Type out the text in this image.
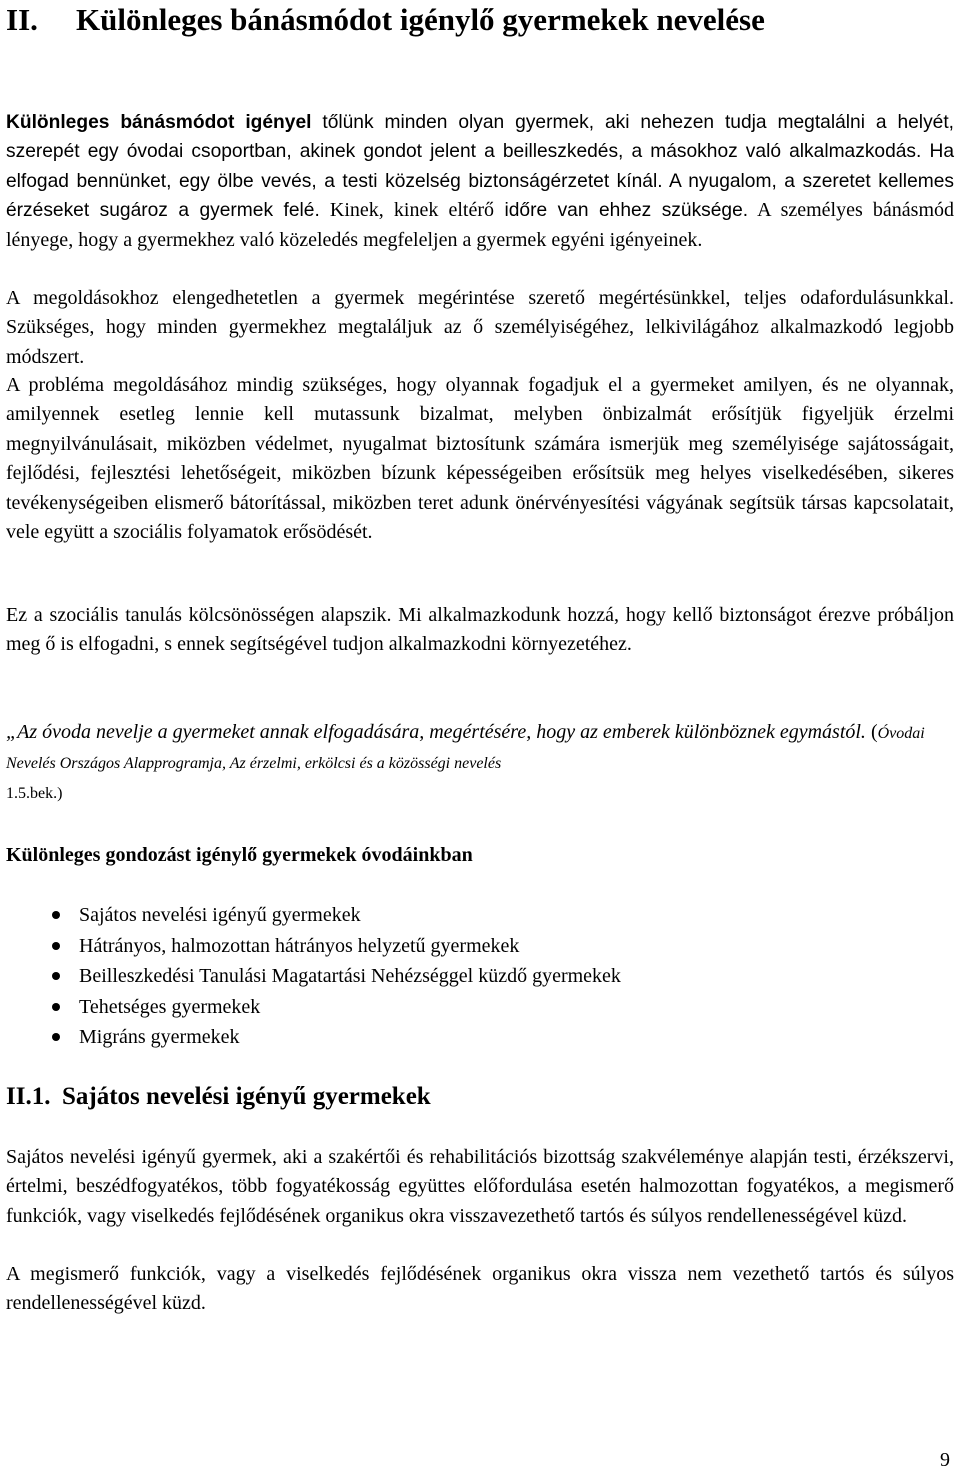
II. Különleges bánásmódot igénylő gyermekek nevelése

Különleges bánásmódot igényel tőlünk minden olyan gyermek, aki nehezen tudja megtalálni a helyét, szerepét egy óvodai csoportban, akinek gondot jelent a beilleszkedés, a másokhoz való alkalmazkodás. Ha elfogad bennünket, egy ölbe vevés, a testi közelség biztonságérzetet kínál. A nyugalom, a szeretet kellemes érzéseket sugároz a gyermek felé. Kinek, kinek eltérő időre van ehhez szüksége. A személyes bánásmód lényege, hogy a gyermekhez való közeledés megfeleljen a gyermek egyéni igényeinek.

A megoldásokhoz elengedhetetlen a gyermek megérintése szerető megértésünkkel, teljes odafordulásunkkal. Szükséges, hogy minden gyermekhez megtaláljuk az ő személyiségéhez, lelkivilágához alkalmazkodó legjobb módszert.

A probléma megoldásához mindig szükséges, hogy olyannak fogadjuk el a gyermeket amilyen, és ne olyannak, amilyennek esetleg lennie kell mutassunk bizalmat, melyben önbizalmát erősítjük figyeljük érzelmi megnyilvánulásait, miközben védelmet, nyugalmat biztosítunk számára ismerjük meg személyisége sajátosságait, fejlődési, fejlesztési lehetőségeit, miközben bízunk képességeiben erősítsük meg helyes viselkedésében, sikeres tevékenységeiben elismerő bátorítással, miközben teret adunk önérvényesítési vágyának segítsük társas kapcsolatait, vele együtt a szociális folyamatok erősödését.

Ez a szociális tanulás kölcsönösségen alapszik. Mi alkalmazkodunk hozzá, hogy kellő biztonságot érezve próbáljon meg ő is elfogadni, s ennek segítségével tudjon alkalmazkodni környezetéhez.

„Az óvoda nevelje a gyermeket annak elfogadására, megértésére, hogy az emberek különböznek egymástól. (Óvodai Nevelés Országos Alapprogramja, Az érzelmi, erkölcsi és a közösségi nevelés
1.5.bek.)

Különleges gondozást igénylő gyermekek óvodáinkban
Sajátos nevelési igényű gyermekek
Hátrányos, halmozottan hátrányos helyzetű gyermekek
Beilleszkedési Tanulási Magatartási Nehézséggel küzdő gyermekek
Tehetséges gyermekek
Migráns gyermekek
II.1. Sajátos nevelési igényű gyermekek

Sajátos nevelési igényű gyermek, aki a szakértői és rehabilitációs bizottság szakvéleménye alapján testi, érzékszervi, értelmi, beszédfogyatékos, több fogyatékosság együttes előfordulása esetén halmozottan fogyatékos, a megismerő funkciók, vagy viselkedés fejlődésének organikus okra visszavezethető tartós és súlyos rendellenességével küzd.

A megismerő funkciók, vagy a viselkedés fejlődésének organikus okra vissza nem vezethető tartós és súlyos rendellenességével küzd.

9
